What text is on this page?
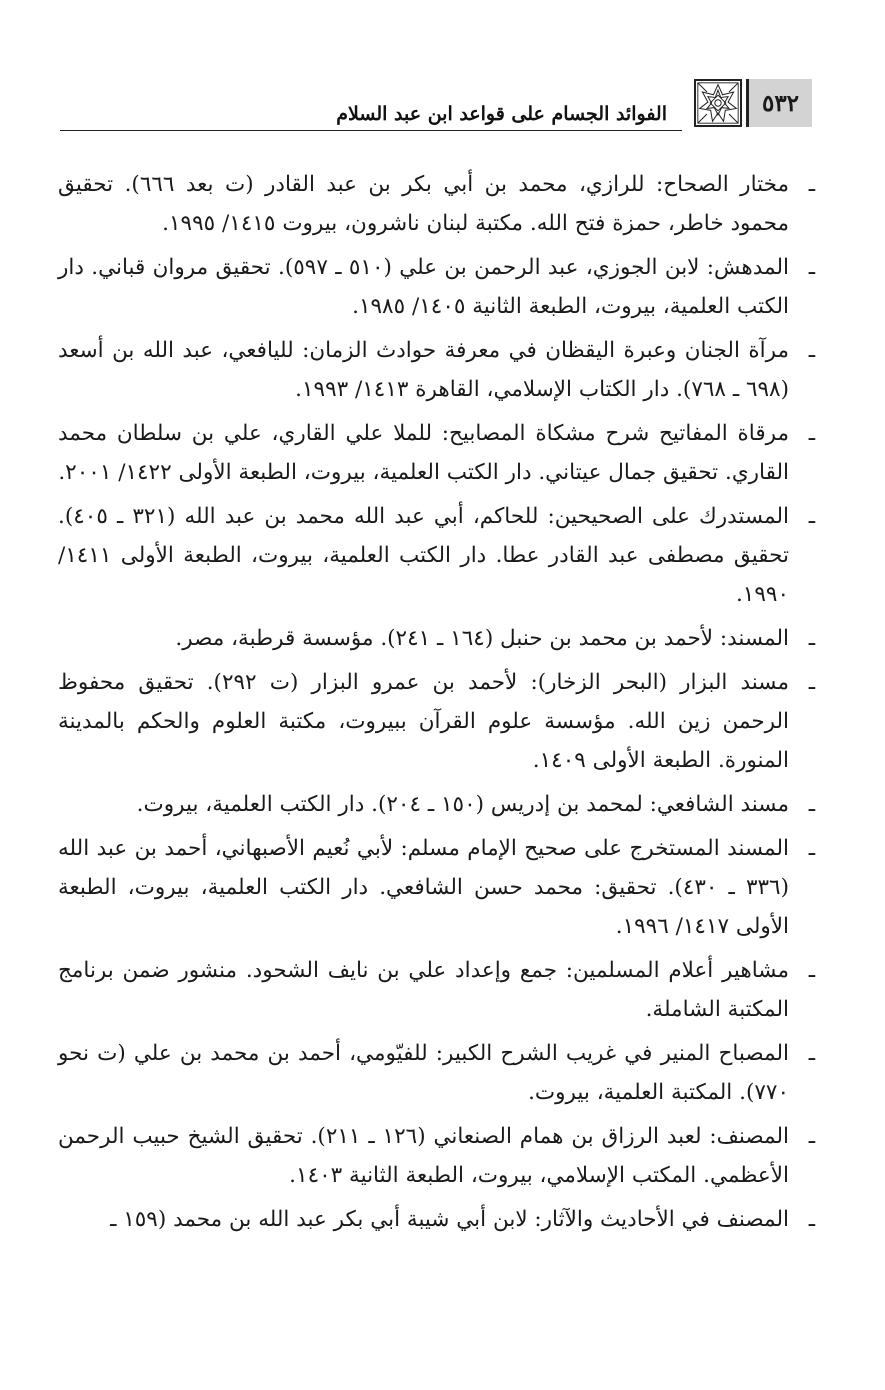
٥٣٢
الفوائد الجسام على قواعد ابن عبد السلام
ـ
مختار الصحاح: للرازي، محمد بن أبي بكر بن عبد القادر (ت بعد ٦٦٦). تحقيق محمود خاطر، حمزة فتح الله. مكتبة لبنان ناشرون، بيروت ١٤١٥/ ١٩٩٥.
ـ
المدهش: لابن الجوزي، عبد الرحمن بن علي (٥١٠ ـ ٥٩٧). تحقيق مروان قباني. دار الكتب العلمية، بيروت، الطبعة الثانية ١٤٠٥/ ١٩٨٥.
ـ
مرآة الجنان وعبرة اليقظان في معرفة حوادث الزمان: لليافعي، عبد الله بن أسعد (٦٩٨ ـ ٧٦٨). دار الكتاب الإسلامي، القاهرة ١٤١٣/ ١٩٩٣.
ـ
مرقاة المفاتيح شرح مشكاة المصابيح: للملا علي القاري، علي بن سلطان محمد القاري. تحقيق جمال عيتاني. دار الكتب العلمية، بيروت، الطبعة الأولى ١٤٢٢/ ٢٠٠١.
ـ
المستدرك على الصحيحين: للحاكم، أبي عبد الله محمد بن عبد الله (٣٢١ ـ ٤٠٥). تحقيق مصطفى عبد القادر عطا. دار الكتب العلمية، بيروت، الطبعة الأولى ١٤١١/ ١٩٩٠.
ـ
المسند: لأحمد بن محمد بن حنبل (١٦٤ ـ ٢٤١). مؤسسة قرطبة، مصر.
ـ
مسند البزار (البحر الزخار): لأحمد بن عمرو البزار (ت ٢٩٢). تحقيق محفوظ الرحمن زين الله. مؤسسة علوم القرآن ببيروت، مكتبة العلوم والحكم بالمدينة المنورة. الطبعة الأولى ١٤٠٩.
ـ
مسند الشافعي: لمحمد بن إدريس (١٥٠ ـ ٢٠٤). دار الكتب العلمية، بيروت.
ـ
المسند المستخرج على صحيح الإمام مسلم: لأبي نُعيم الأصبهاني، أحمد بن عبد الله (٣٣٦ ـ ٤٣٠). تحقيق: محمد حسن الشافعي. دار الكتب العلمية، بيروت، الطبعة الأولى ١٤١٧/ ١٩٩٦.
ـ
مشاهير أعلام المسلمين: جمع وإعداد علي بن نايف الشحود. منشور ضمن برنامج المكتبة الشاملة.
ـ
المصباح المنير في غريب الشرح الكبير: للفيّومي، أحمد بن محمد بن علي (ت نحو ٧٧٠). المكتبة العلمية، بيروت.
ـ
المصنف: لعبد الرزاق بن همام الصنعاني (١٢٦ ـ ٢١١). تحقيق الشيخ حبيب الرحمن الأعظمي. المكتب الإسلامي، بيروت، الطبعة الثانية ١٤٠٣.
ـ
المصنف في الأحاديث والآثار: لابن أبي شيبة أبي بكر عبد الله بن محمد (١٥٩ ـ
